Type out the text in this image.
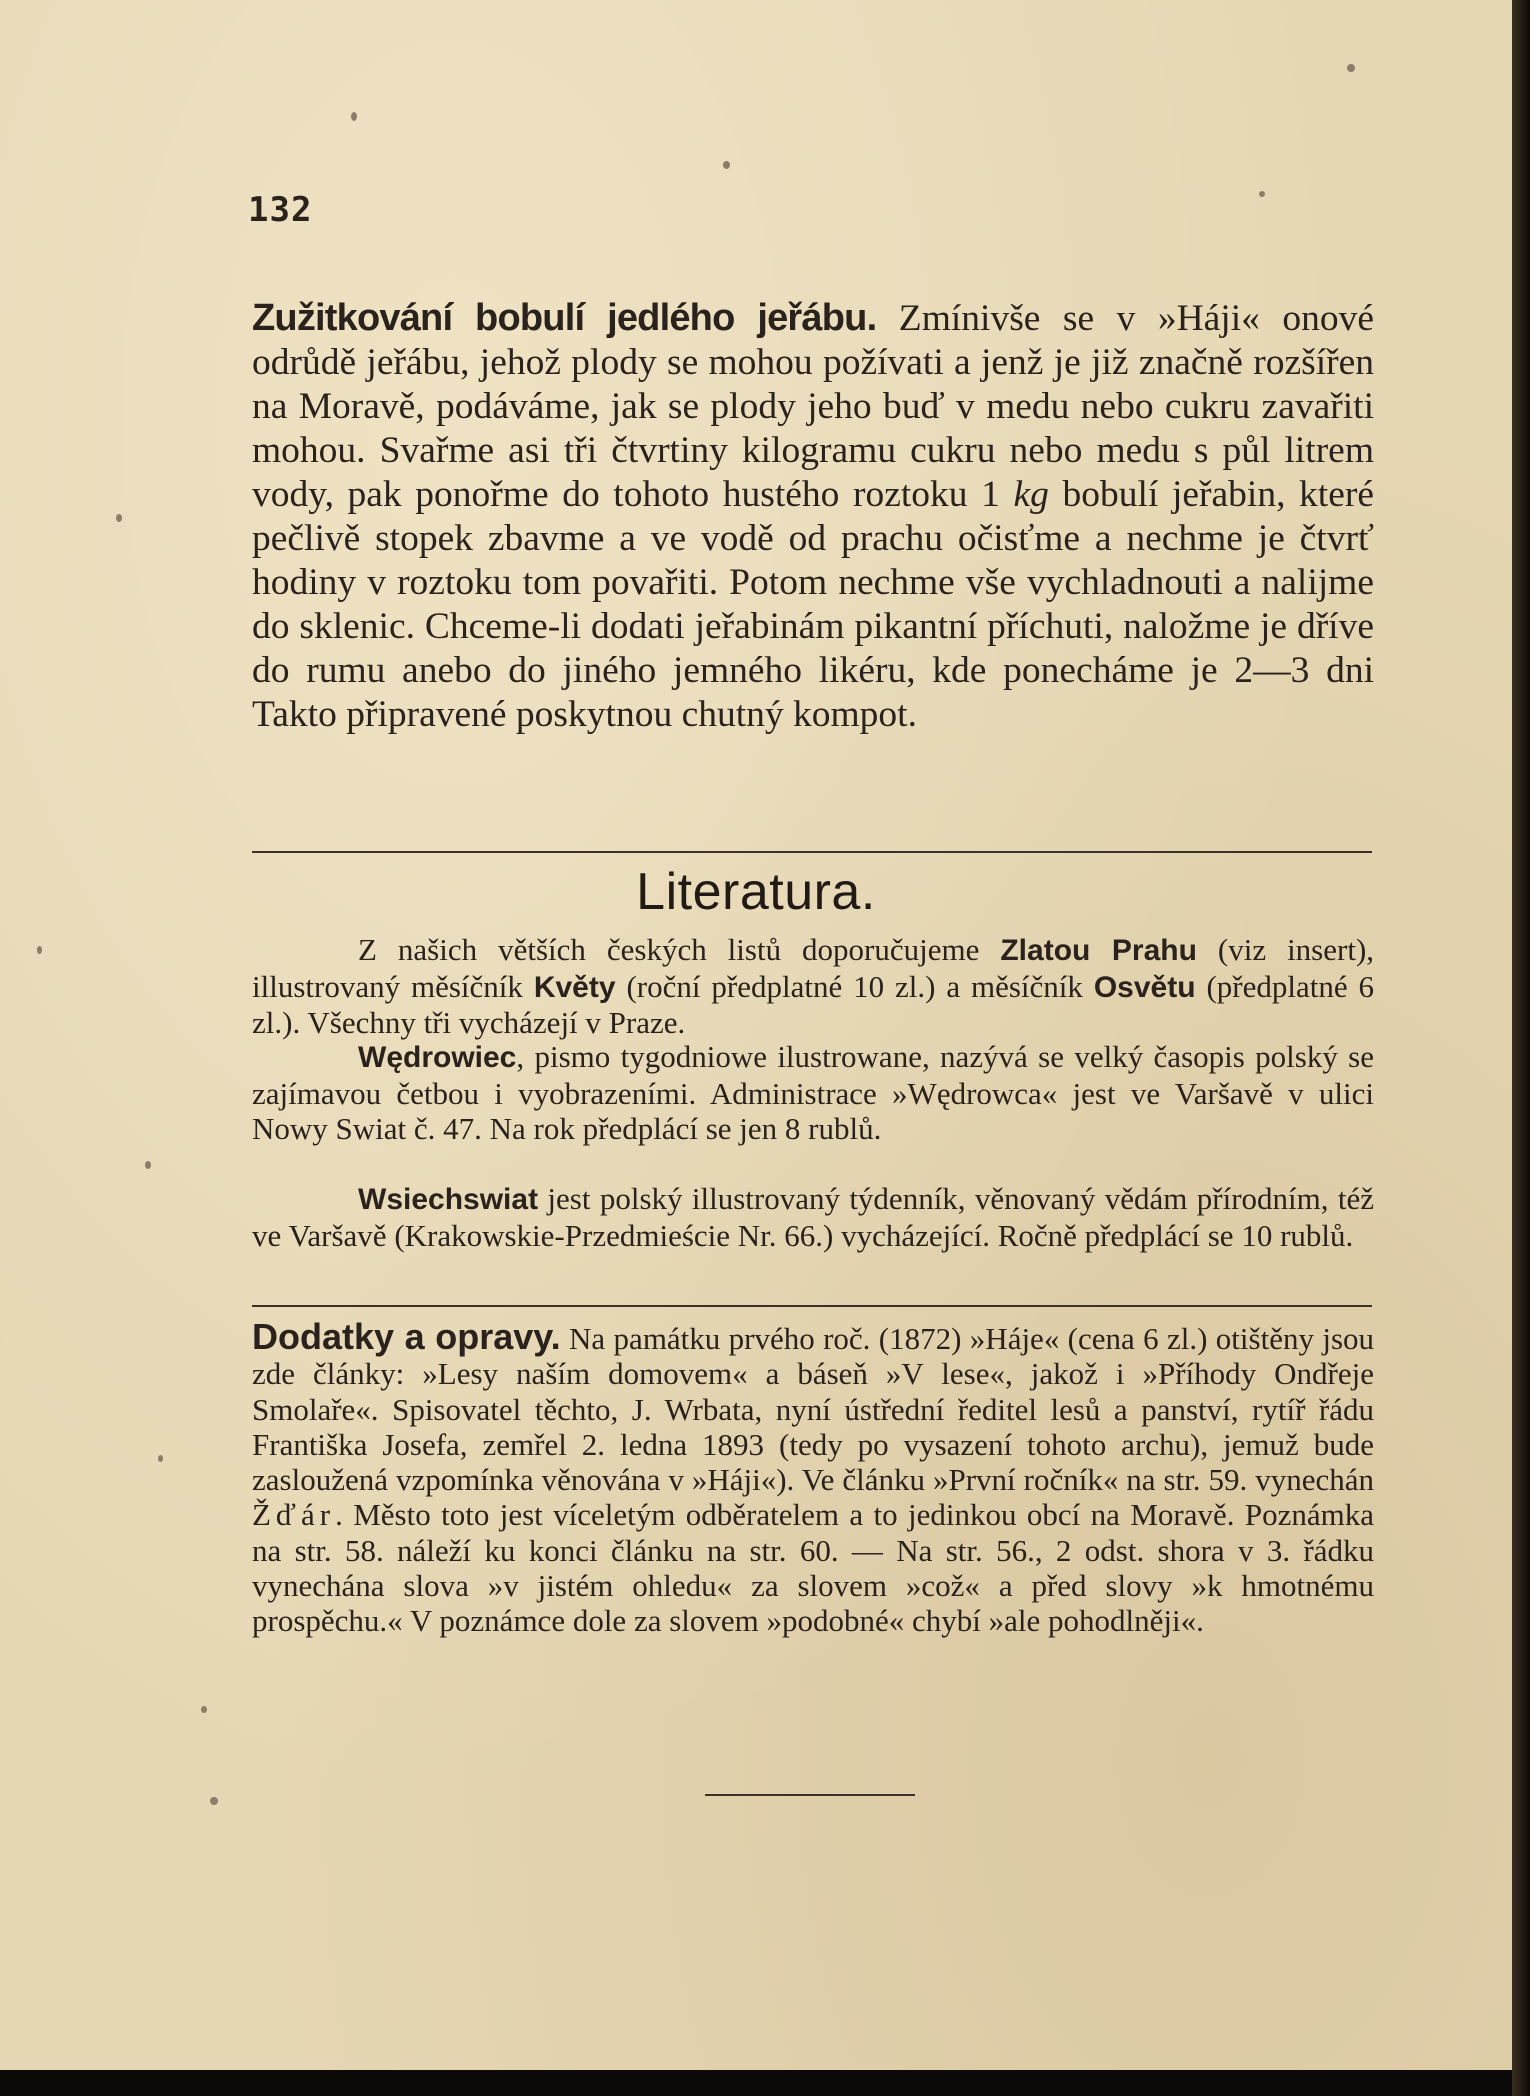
132

Zužitkování bobulí jedlého jeřábu. Zmínivše se v »Háji« onové odrůdě jeřábu, jehož plody se mohou požívati a jenž je již značně rozšířen na Moravě, podáváme, jak se plody jeho buď v medu nebo cukru zavařiti mohou. Svařme asi tři čtvrtiny kilogramu cukru nebo medu s půl litrem vody, pak ponořme do tohoto hustého roztoku 1 kg bobulí jeřabin, které pečlivě stopek zbavme a ve vodě od prachu očisťme a nechme je čtvrť hodiny v roztoku tom povařiti. Potom nechme vše vychladnouti a nalijme do sklenic. Chceme-li dodati jeřabinám pikantní příchuti, naložme je dříve do rumu anebo do jiného jemného likéru, kde ponecháme je 2—3 dni Takto připravené poskytnou chutný kompot.

Literatura.

Z našich větších českých listů doporučujeme Zlatou Prahu (viz insert), illustrovaný měsíčník Květy (roční předplatné 10 zl.) a měsíčník Osvětu (předplatné 6 zl.). Všechny tři vycházejí v Praze.

Wędrowiec, pismo tygodniowe ilustrowane, nazývá se velký časopis polský se zajímavou četbou i vyobrazeními. Administrace »Wędrowca« jest ve Varšavě v ulici Nowy Swiat č. 47. Na rok předplácí se jen 8 rublů.

Wsiechswiat jest polský illustrovaný týdenník, věnovaný vědám přírodním, též ve Varšavě (Krakowskie-Przedmieście Nr. 66.) vycházející. Ročně předplácí se 10 rublů.

Dodatky a opravy. Na památku prvého roč. (1872) »Háje« (cena 6 zl.) otištěny jsou zde články: »Lesy naším domovem« a báseň »V lese«, jakož i »Příhody Ondřeje Smolaře«. Spisovatel těchto, J. Wrbata, nyní ústřední ředitel lesů a panství, rytíř řádu Františka Josefa, zemřel 2. ledna 1893 (tedy po vysazení tohoto archu), jemuž bude zasloužená vzpomínka věnována v »Háji«). Ve článku »První ročník« na str. 59. vynechán Žďár. Město toto jest víceletým odběratelem a to jedinkou obcí na Moravě. Poznámka na str. 58. náleží ku konci článku na str. 60. — Na str. 56., 2 odst. shora v 3. řádku vynechána slova »v jistém ohledu« za slovem »což« a před slovy »k hmotnému prospěchu.« V poznámce dole za slovem »podobné« chybí »ale pohodlněji«.
